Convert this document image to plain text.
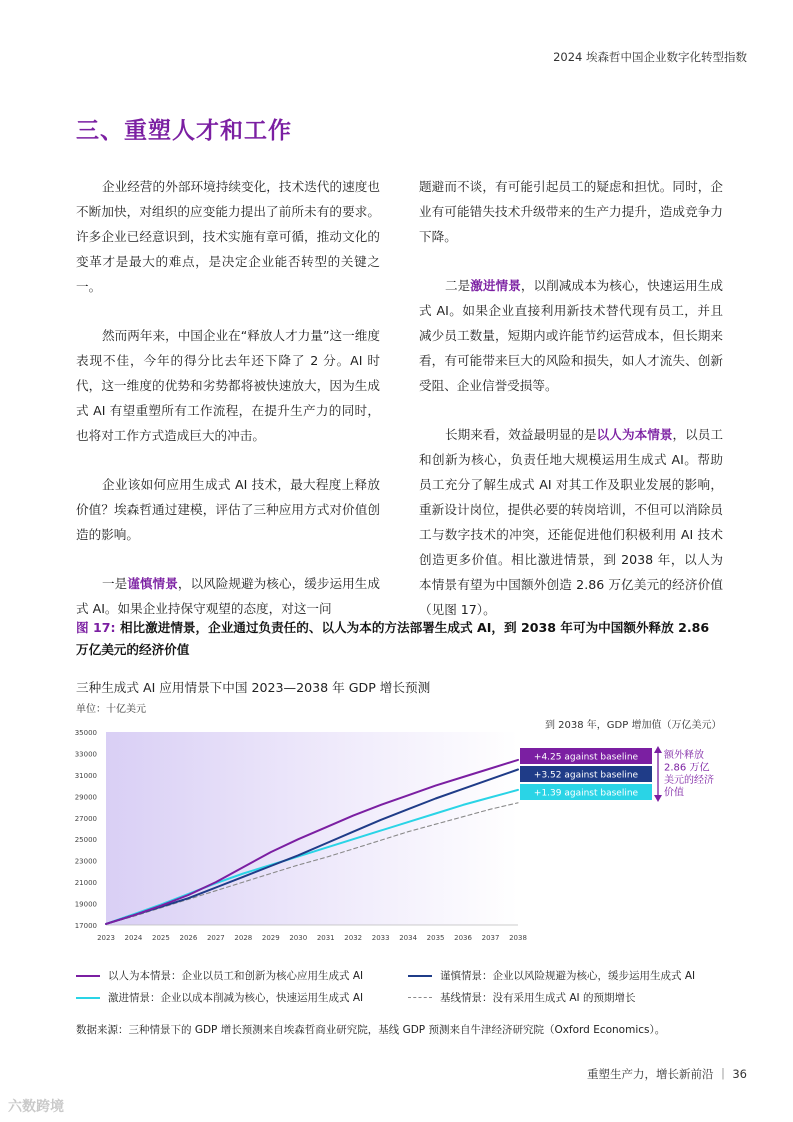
2024 埃森哲中国企业数字化转型指数
三、重塑人才和工作

企业经营的外部环境持续变化，技术迭代的速度也不断加快，对组织的应变能力提出了前所未有的要求。许多企业已经意识到，技术实施有章可循，推动文化的变革才是最大的难点，是决定企业能否转型的关键之一。

然而两年来，中国企业在“释放人才力量”这一维度表现不佳，今年的得分比去年还下降了 2 分。AI 时代，这一维度的优势和劣势都将被快速放大，因为生成式 AI 有望重塑所有工作流程，在提升生产力的同时，也将对工作方式造成巨大的冲击。

企业该如何应用生成式 AI 技术，最大程度上释放价值？埃森哲通过建模，评估了三种应用方式对价值创造的影响。

一是谨慎情景，以风险规避为核心，缓步运用生成式 AI。如果企业持保守观望的态度，对这一问

题避而不谈，有可能引起员工的疑虑和担忧。同时，企业有可能错失技术升级带来的生产力提升，造成竞争力下降。

二是激进情景，以削减成本为核心，快速运用生成式 AI。如果企业直接利用新技术替代现有员工，并且减少员工数量，短期内或许能节约运营成本，但长期来看，有可能带来巨大的风险和损失，如人才流失、创新受阻、企业信誉受损等。

长期来看，效益最明显的是以人为本情景，以员工和创新为核心，负责任地大规模运用生成式 AI。帮助员工充分了解生成式 AI 对其工作及职业发展的影响，重新设计岗位，提供必要的转岗培训，不但可以消除员工与数字技术的冲突，还能促进他们积极利用 AI 技术创造更多价值。相比激进情景，到 2038 年，以人为本情景有望为中国额外创造 2.86 万亿美元的经济价值（见图 17）。

图 17: 相比激进情景，企业通过负责任的、以人为本的方法部署生成式 AI，到 2038 年可为中国额外释放 2.86 万亿美元的经济价值
三种生成式 AI 应用情景下中国 2023—2038 年 GDP 增长预测
单位：十亿美元
到 2038 年，GDP 增加值（万亿美元）
17000
19000
21000
23000
25000
27000
29000
31000
33000
35000
2023 2024 2025 2026 2027 2028 2029 2030 2031 2032 2033 2034 2035 2036 2037 2038
+4.25 against baseline
+3.52 against baseline
+1.39 against baseline
额外释放
2.86 万亿
美元的经济
价值
以人为本情景：企业以员工和创新为核心应用生成式 AI	谨慎情景：企业以风险规避为核心，缓步运用生成式 AI
激进情景：企业以成本削减为核心，快速运用生成式 AI	基线情景：没有采用生成式 AI 的预期增长
数据来源：三种情景下的 GDP 增长预测来自埃森哲商业研究院，基线 GDP 预测来自牛津经济研究院（Oxford Economics）。
重塑生产力，增长新前沿 ｜ 36
六数跨境
